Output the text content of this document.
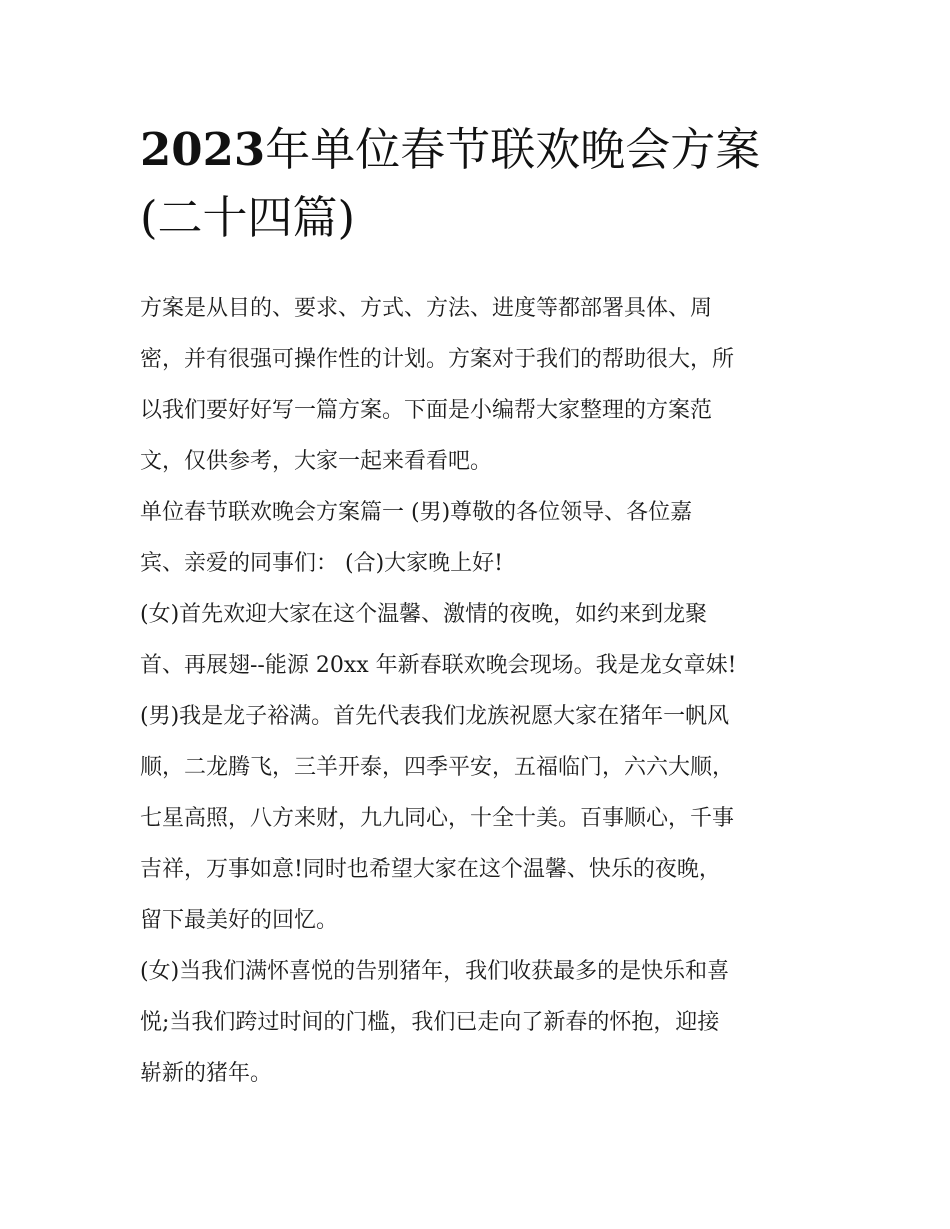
2023年单位春节联欢晚会方案
(二十四篇)

方案是从目的、要求、方式、方法、进度等都部署具体、周

密，并有很强可操作性的计划。方案对于我们的帮助很大，所

以我们要好好写一篇方案。下面是小编帮大家整理的方案范

文，仅供参考，大家一起来看看吧。

单位春节联欢晚会方案篇一 (男)尊敬的各位领导、各位嘉

宾、亲爱的同事们： (合)大家晚上好!

(女)首先欢迎大家在这个温馨、激情的夜晚，如约来到龙聚

首、再展翅--能源 20xx 年新春联欢晚会现场。我是龙女章妹!

(男)我是龙子裕满。首先代表我们龙族祝愿大家在猪年一帆风

顺，二龙腾飞，三羊开泰，四季平安，五福临门，六六大顺，

七星高照，八方来财，九九同心，十全十美。百事顺心，千事

吉祥，万事如意!同时也希望大家在这个温馨、快乐的夜晚，

留下最美好的回忆。

(女)当我们满怀喜悦的告别猪年，我们收获最多的是快乐和喜

悦;当我们跨过时间的门槛，我们已走向了新春的怀抱，迎接

崭新的猪年。
